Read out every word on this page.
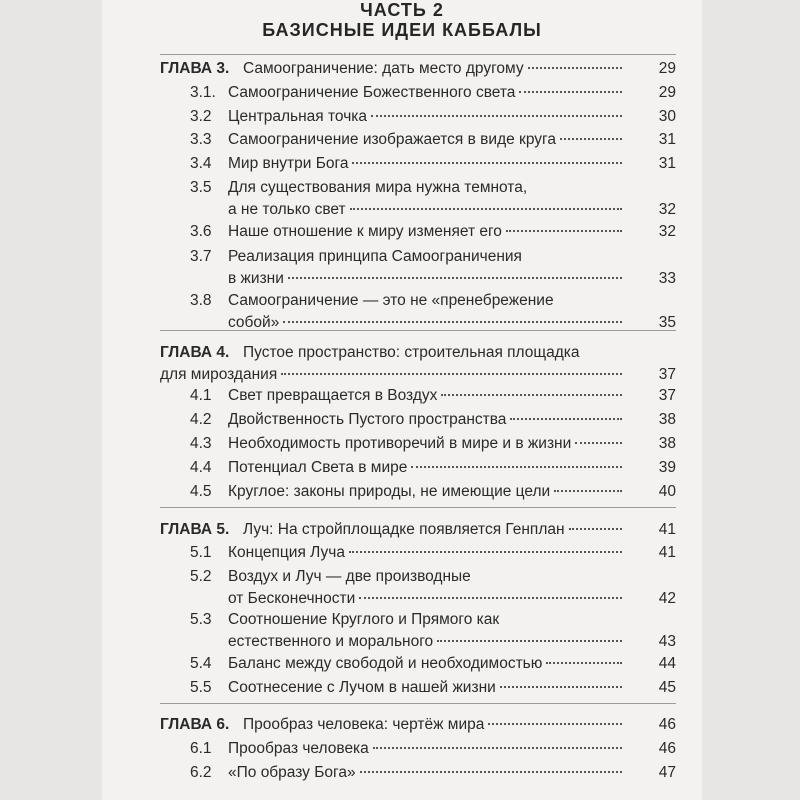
ЧАСТЬ 2
БАЗИСНЫЕ ИДЕИ КАББАЛЫ
ГЛАВА 3. Самоограничение: дать место другому	29
3.1. Самоограничение Божественного света	29
3.2 Центральная точка	30
3.3 Самоограничение изображается в виде круга	31
3.4 Мир внутри Бога	31
3.5 Для существования мира нужна темнота,
а не только свет	32
3.6 Наше отношение к миру изменяет его	32
3.7 Реализация принципа Самоограничения
в жизни	33
3.8 Самоограничение — это не «пренебрежение
собой»	35
ГЛАВА 4. Пустое пространство: строительная площадка
для мироздания	37
4.1 Свет превращается в Воздух	37
4.2 Двойственность Пустого пространства	38
4.3 Необходимость противоречий в мире и в жизни	38
4.4 Потенциал Света в мире	39
4.5 Круглое: законы природы, не имеющие цели	40
ГЛАВА 5. Луч: На стройплощадке появляется Генплан	41
5.1 Концепция Луча	41
5.2 Воздух и Луч — две производные
от Бесконечности	42
5.3 Соотношение Круглого и Прямого как
естественного и морального	43
5.4 Баланс между свободой и необходимостью	44
5.5 Соотнесение с Лучом в нашей жизни	45
ГЛАВА 6. Прообраз человека: чертёж мира	46
6.1 Прообраз человека	46
6.2 «По образу Бога»	47
